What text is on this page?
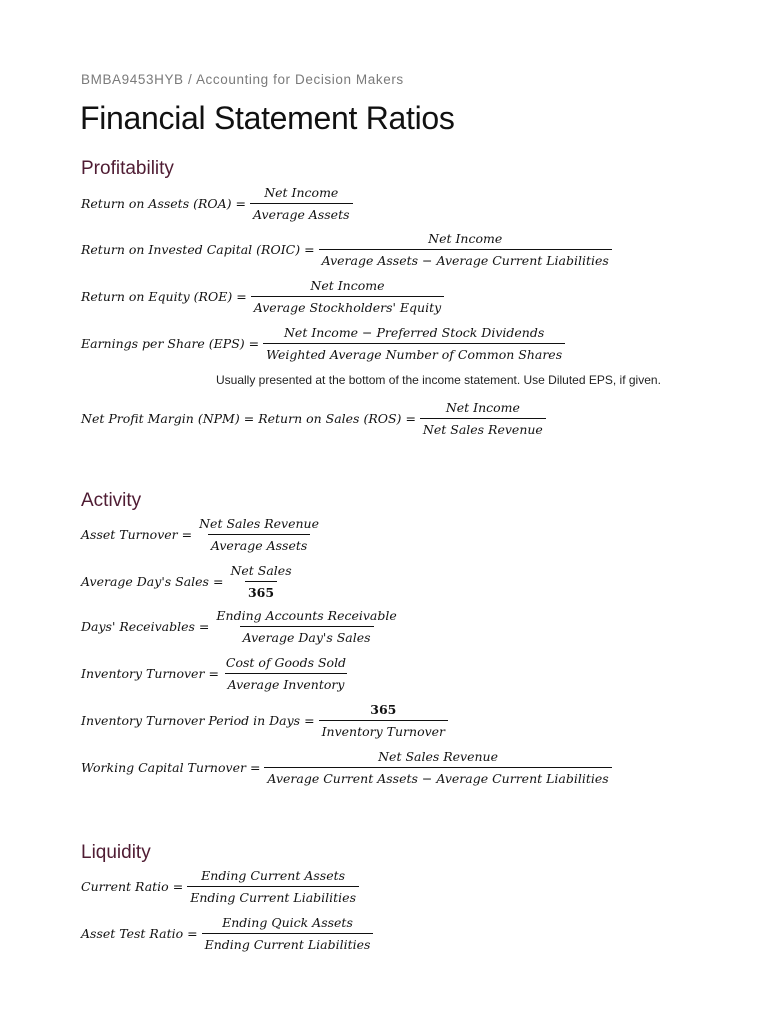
BMBA9453HYB / Accounting for Decision Makers
Financial Statement Ratios
Profitability
Return on Assets $(ROA) = \frac{\text{Net Income}}{\text{Average Assets}}$
Return on Invested Capital (ROIC) = $\frac{\text{Net Income}}{\text{Average Assets − Average Current Liabilities}}$
Return on Equity $(ROE) = \frac{\text{Net Income}}{\text{Average Stockholders' Equity}}$
Earnings per Share $(EPS) = \frac{\text{Net Income − Preferred Stock Dividends}}{\text{Weighted Average Number of Common Shares}}$
Usually presented at the bottom of the income statement. Use Diluted EPS, if given.
Net Profit Margin (NPM) = Return on Sales $(ROS) = \frac{\text{Net Income}}{\text{Net Sales Revenue}}$
Activity
Asset Turnover = $\frac{\text{Net Sales Revenue}}{\text{Average Assets}}$
Average Day's Sales = $\frac{\text{Net Sales}}{365}$
Days' Receivables = $\frac{\text{Ending Accounts Receivable}}{\text{Average Day's Sales}}$
Inventory Turnover = $\frac{\text{Cost of Goods Sold}}{\text{Average Inventory}}$
Inventory Turnover Period in Days = $\frac{365}{\text{Inventory Turnover}}$
Working Capital Turnover = $\frac{\text{Net Sales Revenue}}{\text{Average Current Assets − Average Current Liabilities}}$
Liquidity
Current Ratio = $\frac{\text{Ending Current Assets}}{\text{Ending Current Liabilities}}$
Asset Test Ratio = $\frac{\text{Ending Quick Assets}}{\text{Ending Current Liabilities}}$
